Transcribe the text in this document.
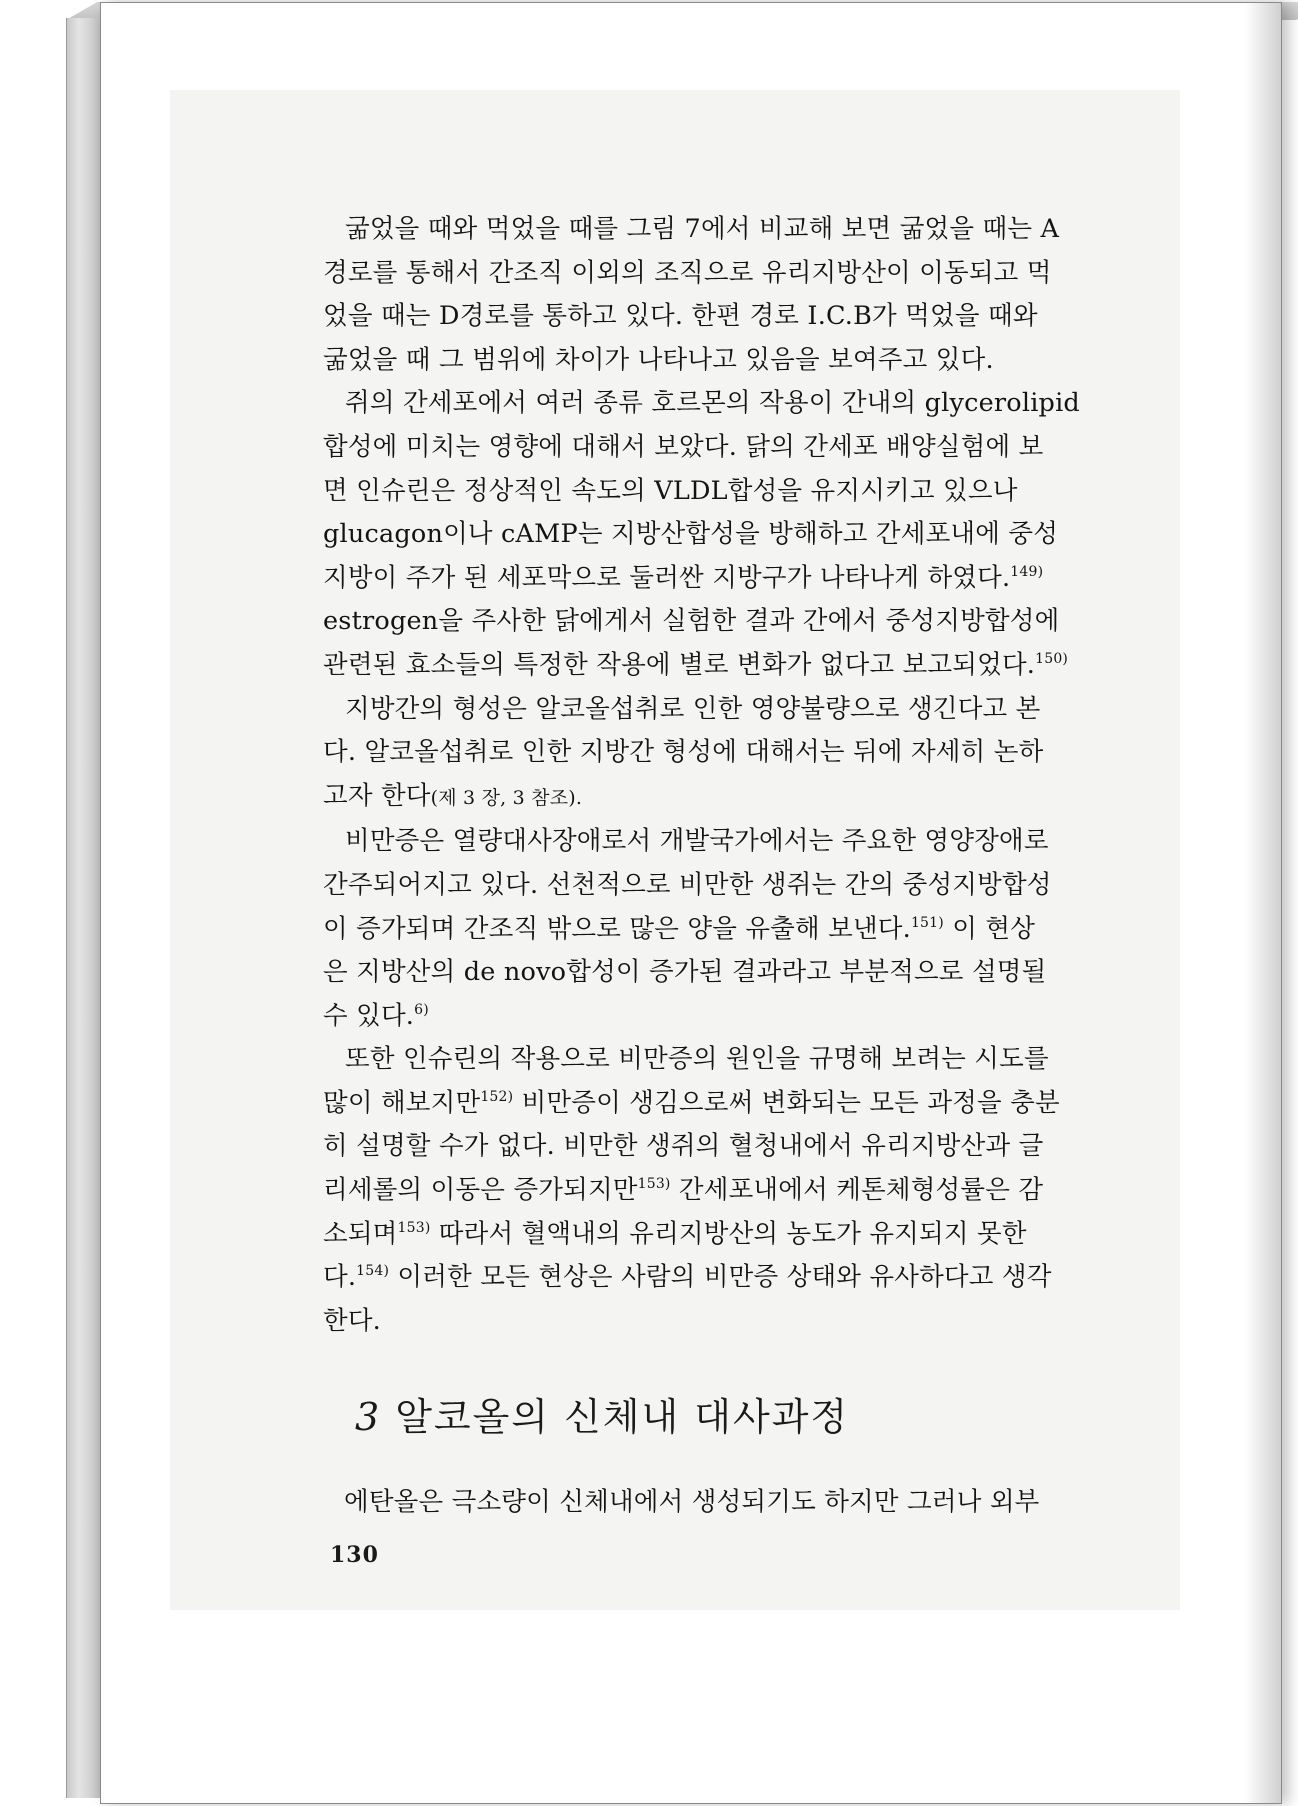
굶었을 때와 먹었을 때를 그림 7에서 비교해 보면 굶었을 때는 A

경로를 통해서 간조직 이외의 조직으로 유리지방산이 이동되고 먹

었을 때는 D경로를 통하고 있다. 한편 경로 I.C.B가 먹었을 때와

굶었을 때 그 범위에 차이가 나타나고 있음을 보여주고 있다.

쥐의 간세포에서 여러 종류 호르몬의 작용이 간내의 glycerolipid

합성에 미치는 영향에 대해서 보았다. 닭의 간세포 배양실험에 보

면 인슈린은 정상적인 속도의 VLDL합성을 유지시키고 있으나

glucagon이나 cAMP는 지방산합성을 방해하고 간세포내에 중성

지방이 주가 된 세포막으로 둘러싼 지방구가 나타나게 하였다.$^{149)}$

estrogen을 주사한 닭에게서 실험한 결과 간에서 중성지방합성에

관련된 효소들의 특정한 작용에 별로 변화가 없다고 보고되었다.$^{150)}$

지방간의 형성은 알코올섭취로 인한 영양불량으로 생긴다고 본

다. 알코올섭취로 인한 지방간 형성에 대해서는 뒤에 자세히 논하

고자 한다(제 3 장, 3 참조).

비만증은 열량대사장애로서 개발국가에서는 주요한 영양장애로

간주되어지고 있다. 선천적으로 비만한 생쥐는 간의 중성지방합성

이 증가되며 간조직 밖으로 많은 양을 유출해 보낸다.$^{151)}$ 이 현상

은 지방산의 de novo합성이 증가된 결과라고 부분적으로 설명될

수 있다.$^{6)}$

또한 인슈린의 작용으로 비만증의 원인을 규명해 보려는 시도를

많이 해보지만$^{152)}$ 비만증이 생김으로써 변화되는 모든 과정을 충분

히 설명할 수가 없다. 비만한 생쥐의 혈청내에서 유리지방산과 글

리세롤의 이동은 증가되지만$^{153)}$ 간세포내에서 케톤체형성률은 감

소되며$^{153)}$ 따라서 혈액내의 유리지방산의 농도가 유지되지 못한

다.$^{154)}$ 이러한 모든 현상은 사람의 비만증 상태와 유사하다고 생각

한다.

3 알코올의 신체내 대사과정
에탄올은 극소량이 신체내에서 생성되기도 하지만 그러나 외부
130
